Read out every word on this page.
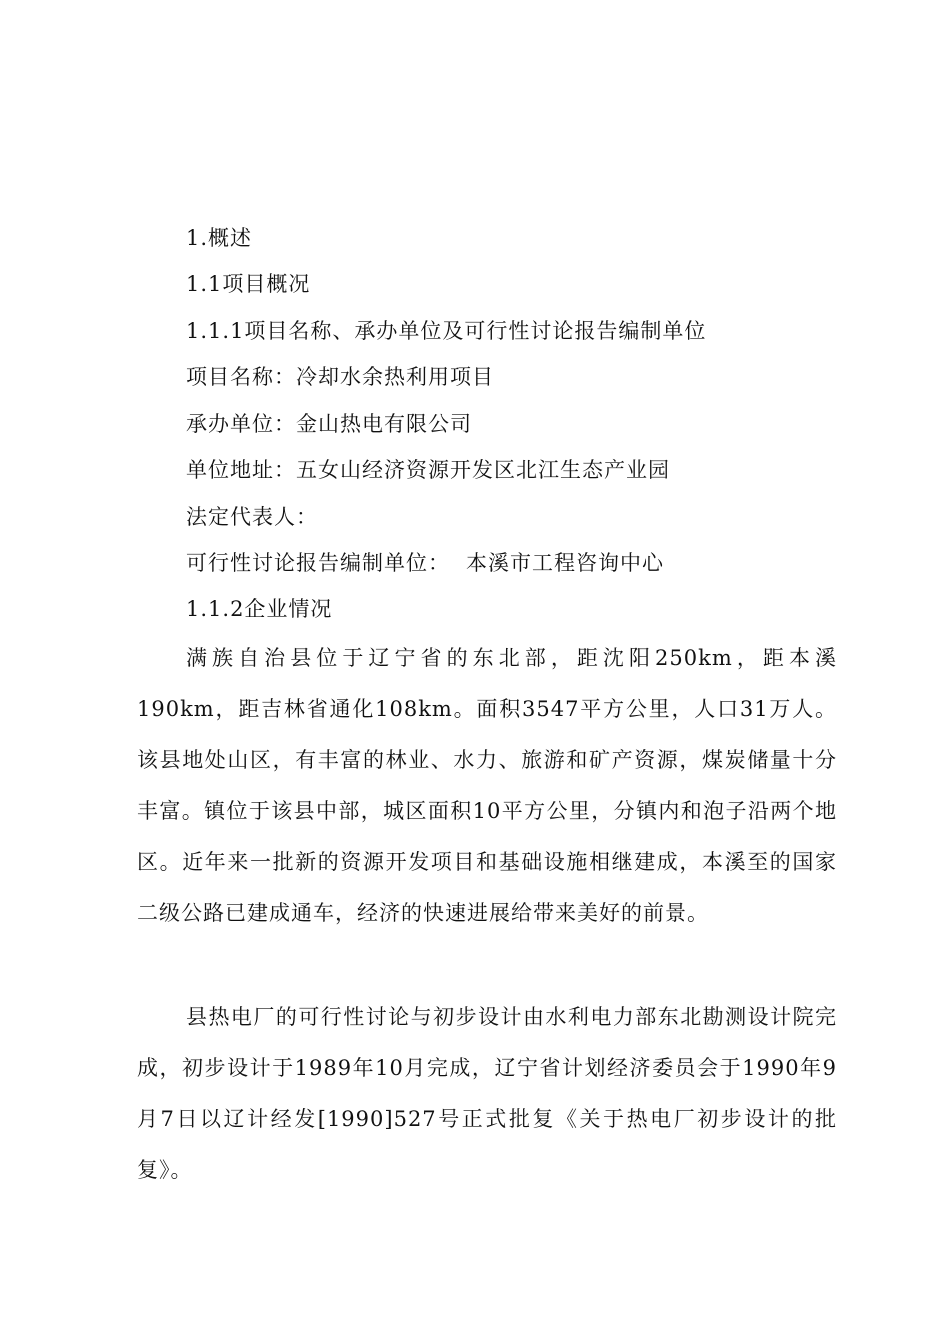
1.概述
1.1项目概况
1.1.1项目名称、承办单位及可行性讨论报告编制单位
项目名称：冷却水余热利用项目
承办单位：金山热电有限公司
单位地址：五女山经济资源开发区北江生态产业园
法定代表人：
可行性讨论报告编制单位： 本溪市工程咨询中心
1.1.2企业情况
满族自治县位于辽宁省的东北部，距沈阳250km，距本溪190km，距吉林省通化108km。面积3547平方公里，人口31万人。该县地处山区，有丰富的林业、水力、旅游和矿产资源，煤炭储量十分丰富。镇位于该县中部，城区面积10平方公里，分镇内和泡子沿两个地区。近年来一批新的资源开发项目和基础设施相继建成，本溪至的国家二级公路已建成通车，经济的快速进展给带来美好的前景。
县热电厂的可行性讨论与初步设计由水利电力部东北勘测设计院完成，初步设计于1989年10月完成，辽宁省计划经济委员会于1990年9月7日以辽计经发[1990]527号正式批复《关于热电厂初步设计的批复》。
